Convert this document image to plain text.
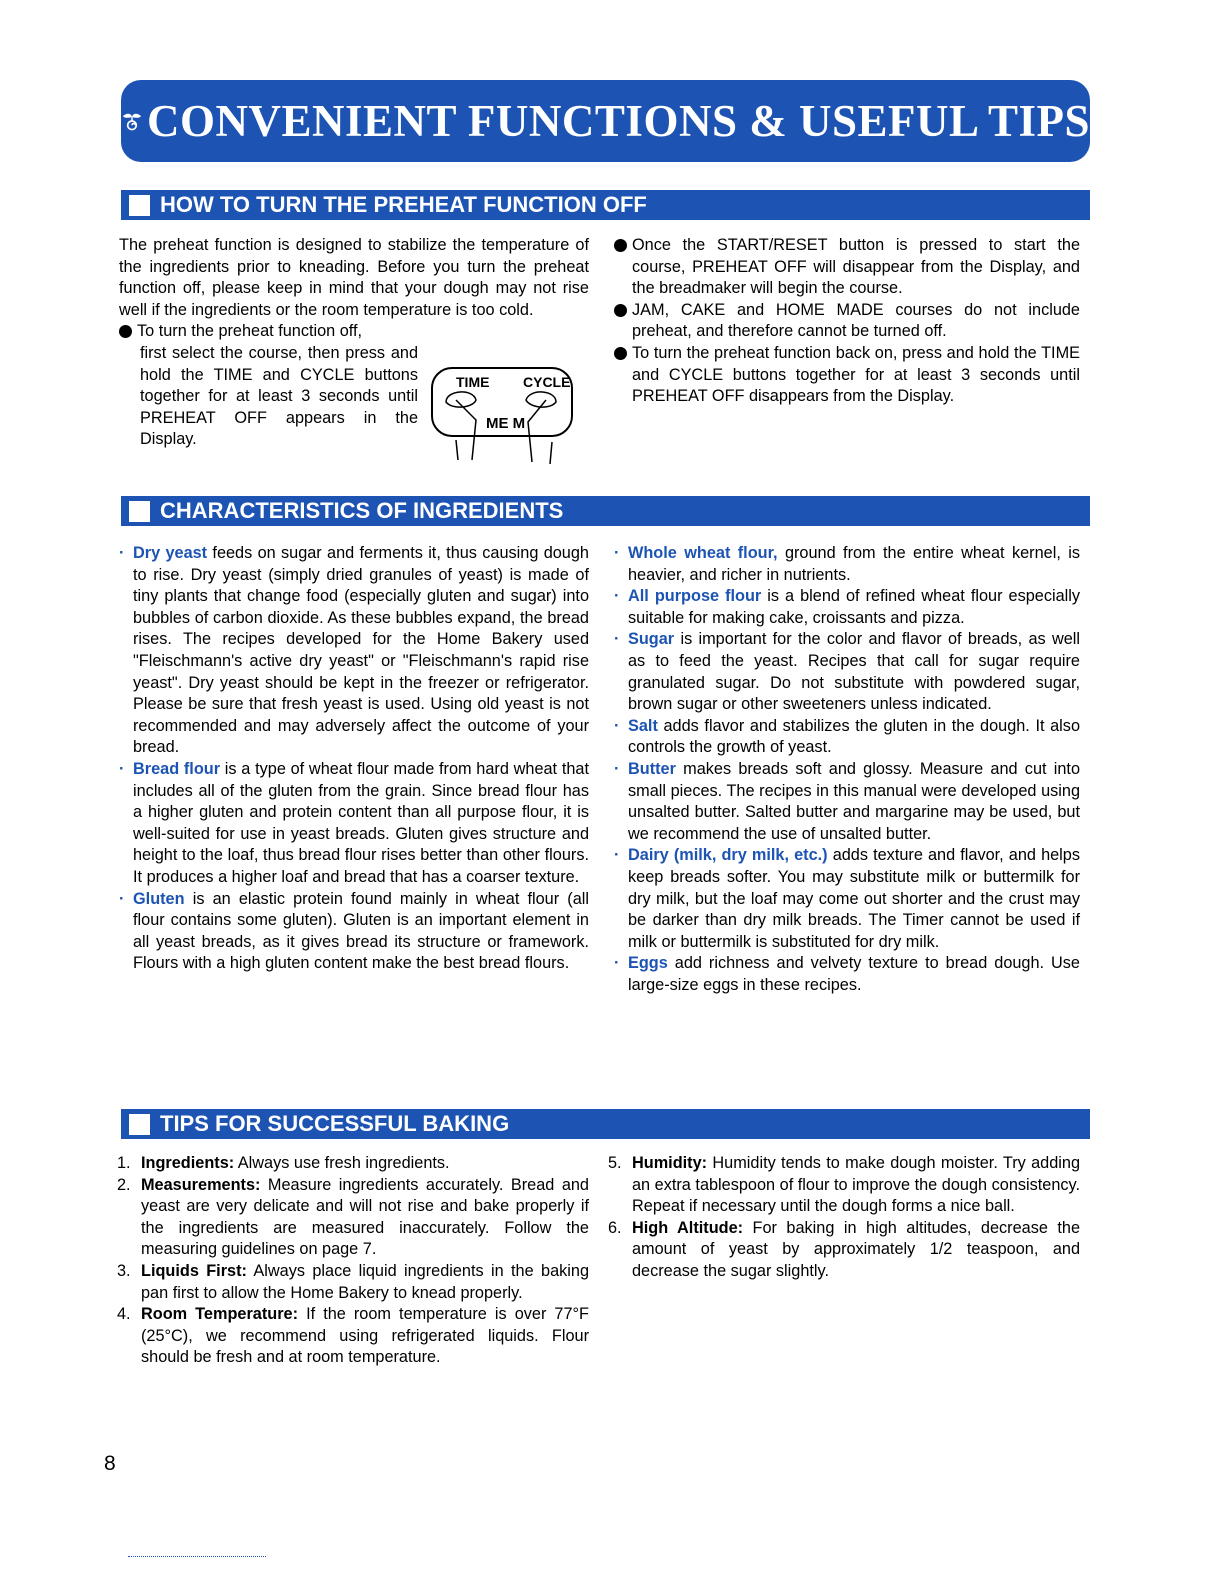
CONVENIENT FUNCTIONS & USEFUL TIPS
HOW TO TURN THE PREHEAT FUNCTION OFF

The preheat function is designed to stabilize the temperature of the ingredients prior to kneading. Before you turn the preheat function off, please keep in mind that your dough may not rise well if the ingredients or the room temperature is too cold.

To turn the preheat function off,

first select the course, then press and hold the TIME and CYCLE buttons together for at least 3 seconds until PREHEAT OFF appears in the Display.

TIME CYCLE
ME M

Once the START/RESET button is pressed to start the course, PREHEAT OFF will disappear from the Display, and the breadmaker will begin the course.

JAM, CAKE and HOME MADE courses do not include preheat, and therefore cannot be turned off.

To turn the preheat function back on, press and hold the TIME and CYCLE buttons together for at least 3 seconds until PREHEAT OFF disappears from the Display.

CHARACTERISTICS OF INGREDIENTS

· Dry yeast feeds on sugar and ferments it, thus causing dough to rise. Dry yeast (simply dried granules of yeast) is made of tiny plants that change food (especially gluten and sugar) into bubbles of carbon dioxide. As these bubbles expand, the bread rises. The recipes developed for the Home Bakery used "Fleischmann's active dry yeast" or "Fleischmann's rapid rise yeast". Dry yeast should be kept in the freezer or refrigerator. Please be sure that fresh yeast is used. Using old yeast is not recommended and may adversely affect the outcome of your bread.

· Bread flour is a type of wheat flour made from hard wheat that includes all of the gluten from the grain. Since bread flour has a higher gluten and protein content than all purpose flour, it is well-suited for use in yeast breads. Gluten gives structure and height to the loaf, thus bread flour rises better than other flours. It produces a higher loaf and bread that has a coarser texture.

· Gluten is an elastic protein found mainly in wheat flour (all flour contains some gluten). Gluten is an important element in all yeast breads, as it gives bread its structure or framework. Flours with a high gluten content make the best bread flours.

· Whole wheat flour, ground from the entire wheat kernel, is heavier, and richer in nutrients.

· All purpose flour is a blend of refined wheat flour especially suitable for making cake, croissants and pizza.

· Sugar is important for the color and flavor of breads, as well as to feed the yeast. Recipes that call for sugar require granulated sugar. Do not substitute with powdered sugar, brown sugar or other sweeteners unless indicated.

· Salt adds flavor and stabilizes the gluten in the dough. It also controls the growth of yeast.

· Butter makes breads soft and glossy. Measure and cut into small pieces. The recipes in this manual were developed using unsalted butter. Salted butter and margarine may be used, but we recommend the use of unsalted butter.

· Dairy (milk, dry milk, etc.) adds texture and flavor, and helps keep breads softer. You may substitute milk or buttermilk for dry milk, but the loaf may come out shorter and the crust may be darker than dry milk breads. The Timer cannot be used if milk or buttermilk is substituted for dry milk.

· Eggs add richness and velvety texture to bread dough. Use large-size eggs in these recipes.

TIPS FOR SUCCESSFUL BAKING

1. Ingredients: Always use fresh ingredients.

2. Measurements: Measure ingredients accurately. Bread and yeast are very delicate and will not rise and bake properly if the ingredients are measured inaccurately. Follow the measuring guidelines on page 7.

3. Liquids First: Always place liquid ingredients in the baking pan first to allow the Home Bakery to knead properly.

4. Room Temperature: If the room temperature is over 77°F (25°C), we recommend using refrigerated liquids. Flour should be fresh and at room temperature.

5. Humidity: Humidity tends to make dough moister. Try adding an extra tablespoon of flour to improve the dough consistency. Repeat if necessary until the dough forms a nice ball.

6. High Altitude: For baking in high altitudes, decrease the amount of yeast by approximately 1/2 teaspoon, and decrease the sugar slightly.

8
